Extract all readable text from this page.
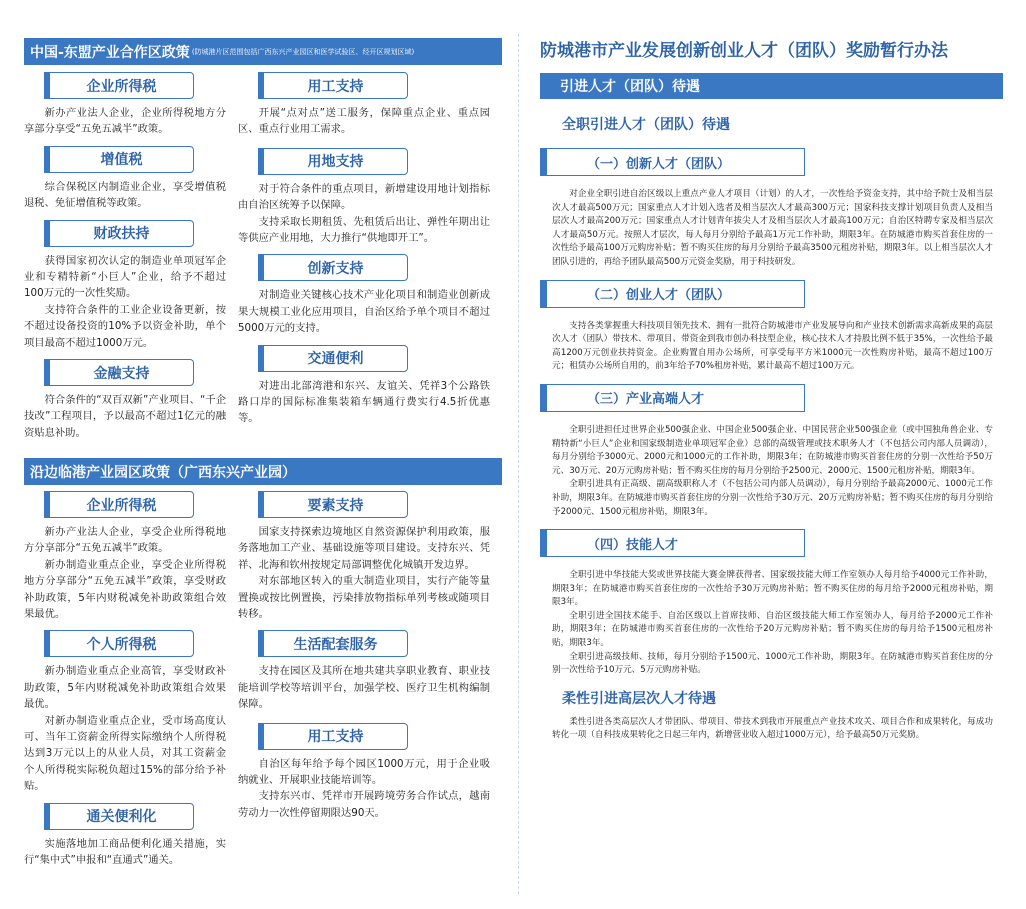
中国-东盟产业合作区政策 (防城港片区范围包括广西东兴产业园区和医学试验区、经开区规划区域)
企业所得税

新办产业法人企业，企业所得税地方分享部分享受“五免五减半”政策。

增值税

综合保税区内制造业企业，享受增值税退税、免征增值税等政策。

财政扶持

获得国家初次认定的制造业单项冠军企业和专精特新“小巨人”企业，给予不超过100万元的一次性奖励。

支持符合条件的工业企业设备更新，按不超过设备投资的10%予以资金补助，单个项目最高不超过1000万元。

金融支持

符合条件的“双百双新”产业项目、“千企技改”工程项目，予以最高不超过1亿元的融资贴息补助。

用工支持

开展“点对点”送工服务，保障重点企业、重点园区、重点行业用工需求。

用地支持

对于符合条件的重点项目，新增建设用地计划指标由自治区统筹予以保障。

支持采取长期租赁、先租赁后出让、弹性年期出让等供应产业用地，大力推行“供地即开工”。

创新支持

对制造业关键核心技术产业化项目和制造业创新成果大规模工业化应用项目，自治区给予单个项目不超过5000万元的支持。

交通便利

对进出北部湾港和东兴、友谊关、凭祥3个公路铁路口岸的国际标准集装箱车辆通行费实行4.5折优惠等。

沿边临港产业园区政策（广西东兴产业园）
企业所得税

新办产业法人企业，享受企业所得税地方分享部分“五免五减半”政策。

新办制造业重点企业，享受企业所得税地方分享部分“五免五减半”政策，享受财政补助政策，5年内财税减免补助政策组合效果最优。

个人所得税

新办制造业重点企业高管，享受财政补助政策，5年内财税减免补助政策组合效果最优。

对新办制造业重点企业，受市场高度认可、当年工资薪金所得实际缴纳个人所得税达到3万元以上的从业人员，对其工资薪金个人所得税实际税负超过15%的部分给予补贴。

通关便利化

实施落地加工商品便利化通关措施，实行“集中式”申报和“直通式”通关。

要素支持

国家支持探索边境地区自然资源保护利用政策，服务落地加工产业、基础设施等项目建设。支持东兴、凭祥、北海和钦州按规定局部调整优化城镇开发边界。

对东部地区转入的重大制造业项目，实行产能等量置换或按比例置换，污染排放物指标单列考核或随项目转移。

生活配套服务

支持在园区及其所在地共建共享职业教育、职业技能培训学校等培训平台，加强学校、医疗卫生机构编制保障。

用工支持

自治区每年给予每个园区1000万元，用于企业吸纳就业、开展职业技能培训等。

支持东兴市、凭祥市开展跨境劳务合作试点，越南劳动力一次性停留期限达90天。

防城港市产业发展创新创业人才（团队）奖励暂行办法
引进人才（团队）待遇
全职引进人才（团队）待遇
（一）创新人才（团队）

对企业全职引进自治区级以上重点产业人才项目（计划）的人才，一次性给予资金支持，其中给予院士及相当层次人才最高500万元；国家重点人才计划入选者及相当层次人才最高300万元；国家科技支撑计划项目负责人及相当层次人才最高200万元；国家重点人才计划青年拔尖人才及相当层次人才最高100万元；自治区特聘专家及相当层次人才最高50万元。按照人才层次，每人每月分别给予最高1万元工作补助，期限3年。在防城港市购买首套住房的一次性给予最高100万元购房补贴；暂不购买住房的每月分别给予最高3500元租房补贴，期限3年。以上相当层次人才团队引进的，再给予团队最高500万元资金奖励，用于科技研发。

（二）创业人才（团队）

支持各类掌握重大科技项目领先技术、拥有一批符合防城港市产业发展导向和产业技术创新需求高新成果的高层次人才（团队）带技术、带项目、带资金到我市创办科技型企业，核心技术人才持股比例不低于35%，一次性给予最高1200万元创业扶持资金。企业购置自用办公场所，可享受每平方米1000元一次性购房补贴，最高不超过100万元；租赁办公场所自用的，前3年给予70%租房补贴，累计最高不超过100万元。

（三）产业高端人才

全职引进担任过世界企业500强企业、中国企业500强企业、中国民营企业500强企业（或中国独角兽企业、专精特新“小巨人”企业和国家级制造业单项冠军企业）总部的高级管理或技术职务人才（不包括公司内部人员调动），每月分别给予3000元、2000元和1000元的工作补助，期限3年；在防城港市购买首套住房的分别一次性给予50万元、30万元、20万元购房补贴；暂不购买住房的每月分别给予2500元、2000元、1500元租房补贴，期限3年。

全职引进具有正高级、副高级职称人才（不包括公司内部人员调动），每月分别给予最高2000元、1000元工作补助，期限3年。在防城港市购买首套住房的分别一次性给予30万元、20万元购房补贴；暂不购买住房的每月分别给予2000元、1500元租房补贴，期限3年。

（四）技能人才

全职引进中华技能大奖或世界技能大赛金牌获得者、国家级技能大师工作室领办人每月给予4000元工作补助，期限3年；在防城港市购买首套住房的一次性给予30万元购房补贴；暂不购买住房的每月给予2000元租房补贴，期限3年。

全职引进全国技术能手、自治区级以上首席技师、自治区级技能大师工作室领办人，每月给予2000元工作补助，期限3年；在防城港市购买首套住房的一次性给予20万元购房补贴；暂不购买住房的每月给予1500元租房补贴，期限3年。

全职引进高级技师、技师，每月分别给予1500元、1000元工作补助，期限3年。在防城港市购买首套住房的分别一次性给予10万元、5万元购房补贴。

柔性引进高层次人才待遇

柔性引进各类高层次人才带团队、带项目、带技术到我市开展重点产业技术攻关、项目合作和成果转化，每成功转化一项（自科技成果转化之日起三年内，新增营业收入超过1000万元），给予最高50万元奖励。
